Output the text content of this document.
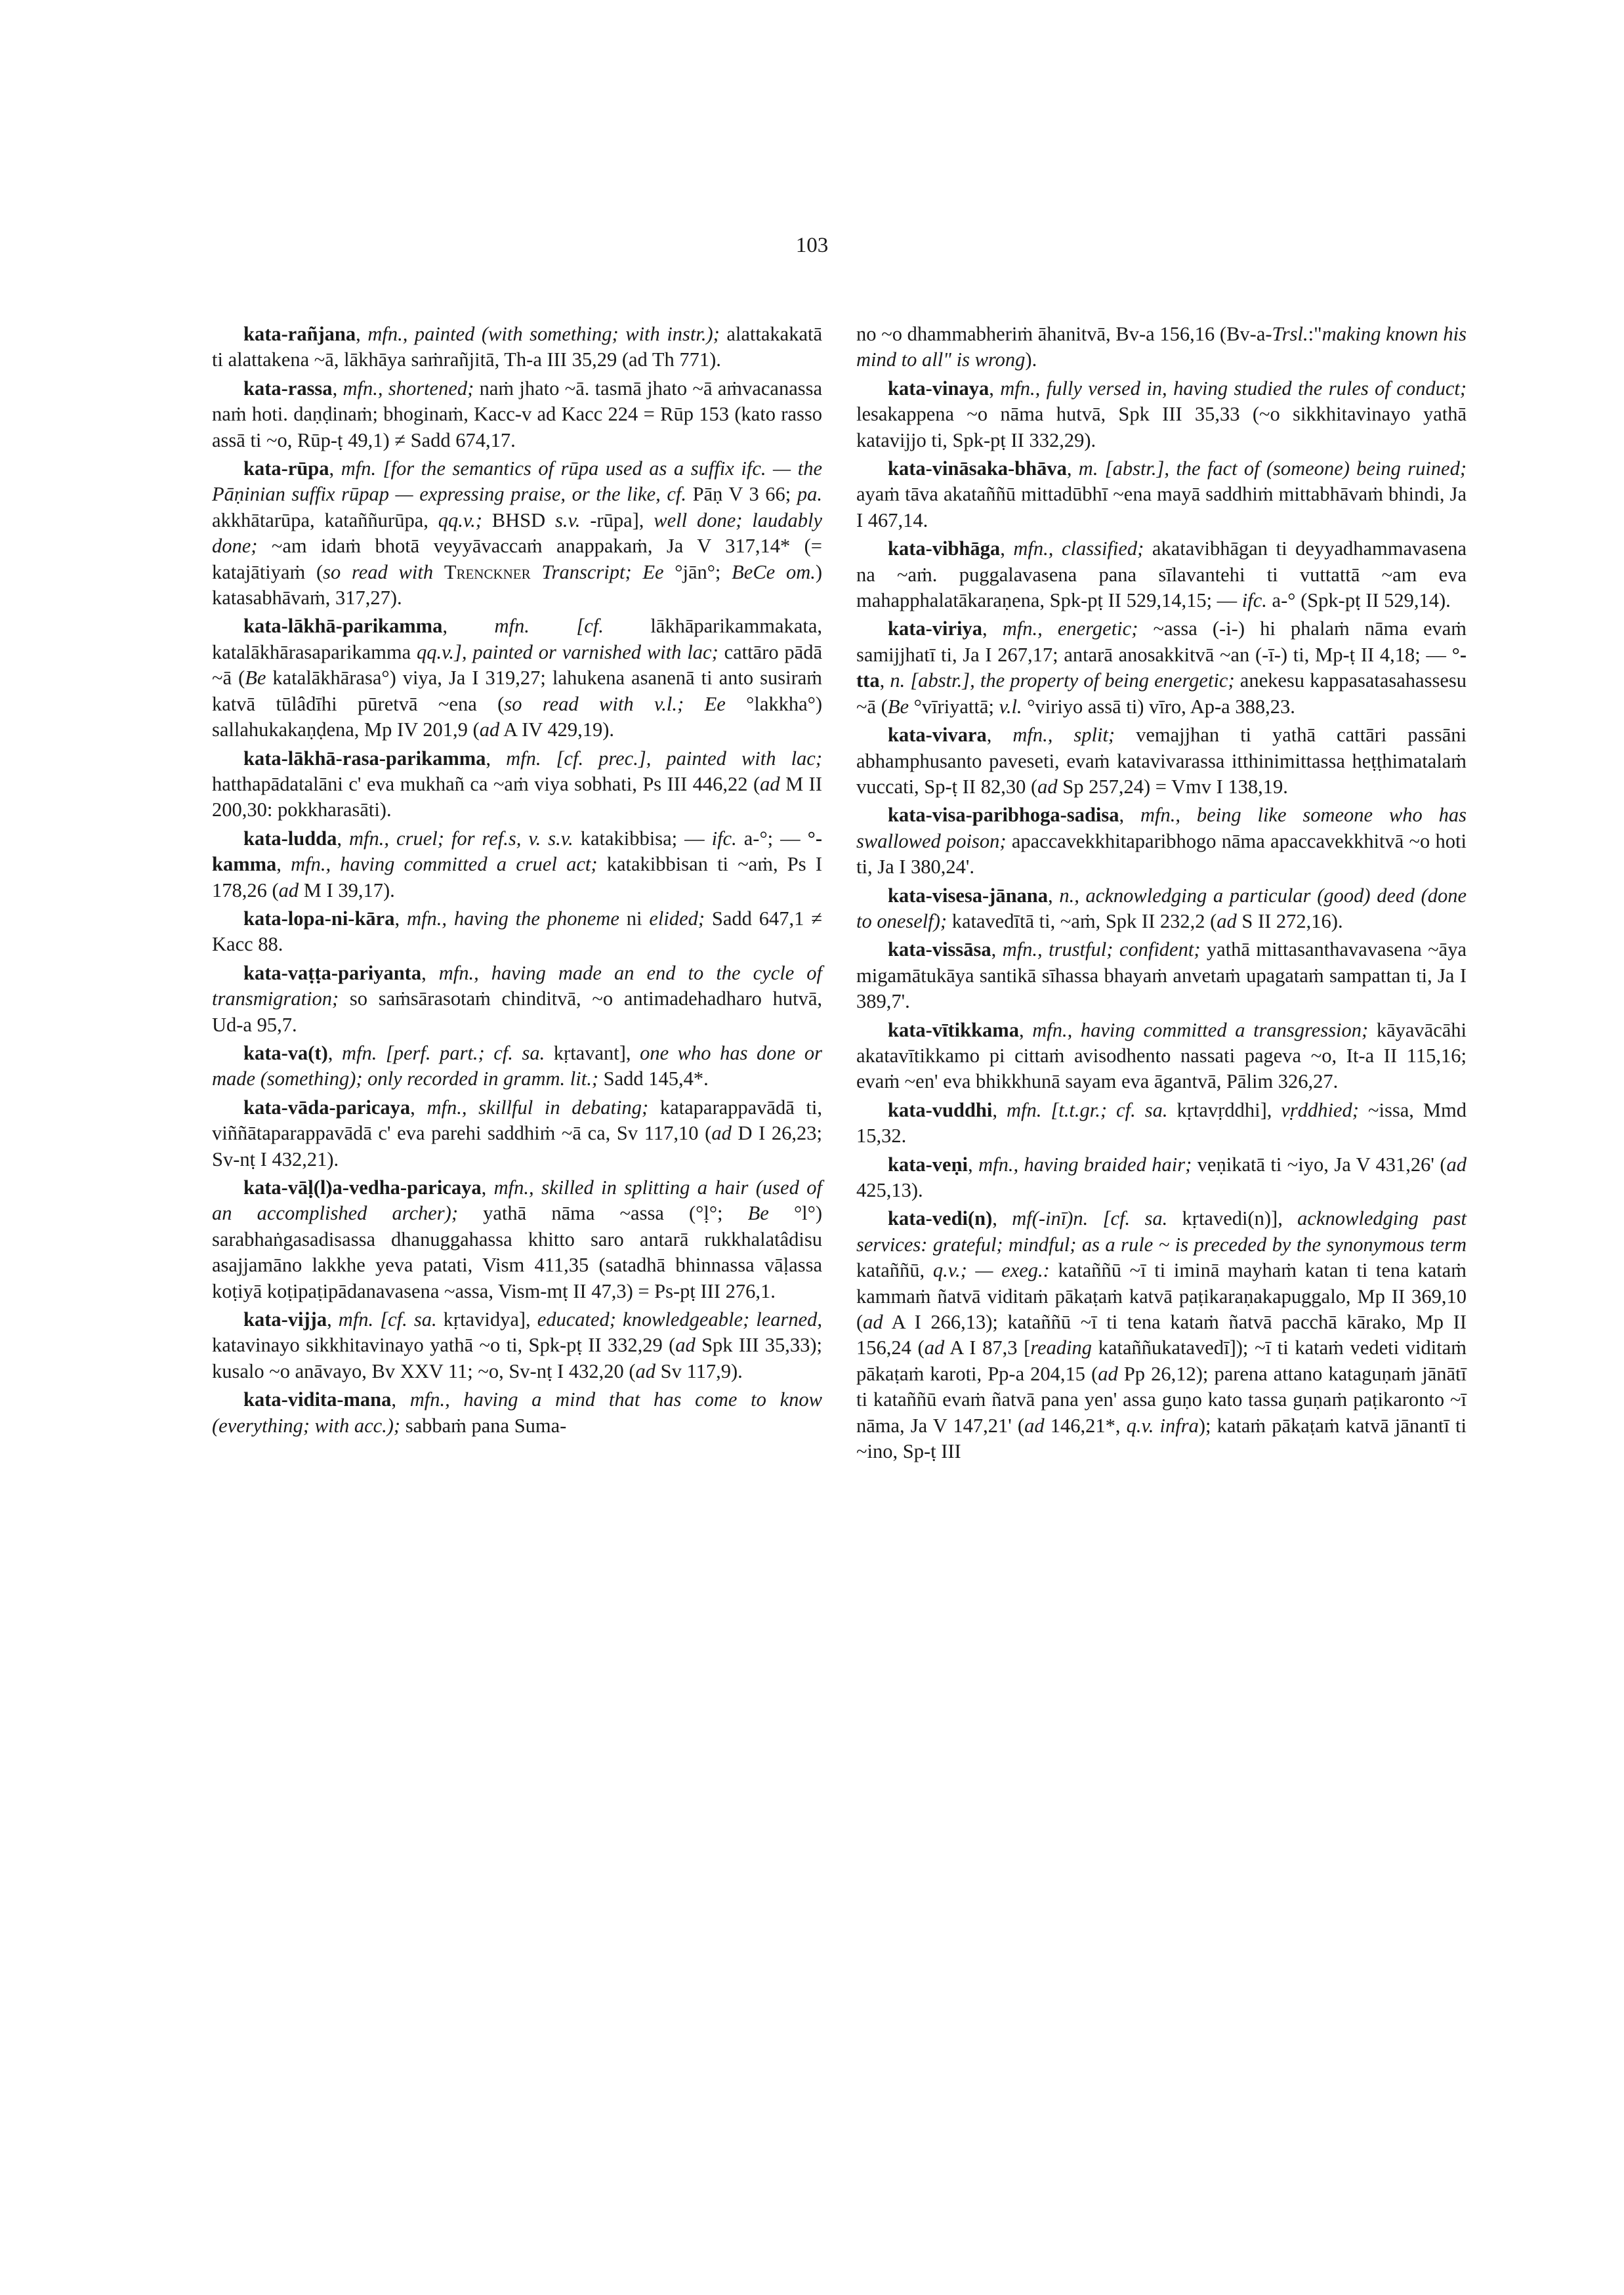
103

kata-rañjana, mfn., painted (with something; with instr.); alattakakatā ti alattakena ~ā, lākhāya saṁrañjitā, Th-a III 35,29 (ad Th 771).

kata-rassa, mfn., shortened; naṁ jhato ~ā. tasmā jhato ~ā aṁvacanassa naṁ hoti. daṇḍinaṁ; bhoginaṁ, Kacc-v ad Kacc 224 = Rūp 153 (kato rasso assā ti ~o, Rūp-ṭ 49,1) ≠ Sadd 674,17.

kata-rūpa, mfn. [for the semantics of rūpa used as a suffix ifc. — the Pāṇinian suffix rūpap — expressing praise, or the like, cf. Pāṇ V 3 66; pa. akkhātarūpa, kataññurūpa, qq.v.; BHSD s.v. -rūpa], well done; laudably done; ~am idaṁ bhotā veyyāvaccaṁ anappakaṁ, Ja V 317,14* (= katajātiyaṁ (so read with Trenckner Transcript; Ee °jān°; BeCe om.) katasabhāvaṁ, 317,27).

kata-lākhā-parikamma, mfn. [cf. lākhāparikammakata, katalākhārasaparikamma qq.v.], painted or varnished with lac; cattāro pādā ~ā (Be katalākhārasa°) viya, Ja I 319,27; lahukena asanenā ti anto susiraṁ katvā tūlâdīhi pūretvā ~ena (so read with v.l.; Ee °lakkha°) sallahukakaṇḍena, Mp IV 201,9 (ad A IV 429,19).

kata-lākhā-rasa-parikamma, mfn. [cf. prec.], painted with lac; hatthapādatalāni c' eva mukhañ ca ~aṁ viya sobhati, Ps III 446,22 (ad M II 200,30: pokkharasāti).

kata-ludda, mfn., cruel; for ref.s, v. s.v. katakibbisa; — ifc. a-°; — °-kamma, mfn., having committed a cruel act; katakibbisan ti ~aṁ, Ps I 178,26 (ad M I 39,17).

kata-lopa-ni-kāra, mfn., having the phoneme ni elided; Sadd 647,1 ≠ Kacc 88.

kata-vaṭṭa-pariyanta, mfn., having made an end to the cycle of transmigration; so saṁsārasotaṁ chinditvā, ~o antimadehadharo hutvā, Ud-a 95,7.

kata-va(t), mfn. [perf. part.; cf. sa. kṛtavant], one who has done or made (something); only recorded in gramm. lit.; Sadd 145,4*.

kata-vāda-paricaya, mfn., skillful in debating; kataparappavādā ti, viññātaparappavādā c' eva parehi saddhiṁ ~ā ca, Sv 117,10 (ad D I 26,23; Sv-nṭ I 432,21).

kata-vāḷ(l)a-vedha-paricaya, mfn., skilled in splitting a hair (used of an accomplished archer); yathā nāma ~assa (°ḷ°; Be °l°) sarabhaṅgasadisassa dhanuggahassa khitto saro antarā rukkhalatâdisu asajjamāno lakkhe yeva patati, Vism 411,35 (satadhā bhinnassa vāḷassa koṭiyā koṭipaṭipādanavasena ~assa, Vism-mṭ II 47,3) = Ps-pṭ III 276,1.

kata-vijja, mfn. [cf. sa. kṛtavidya], educated; knowledgeable; learned, katavinayo sikkhitavinayo yathā ~o ti, Spk-pṭ II 332,29 (ad Spk III 35,33); kusalo ~o anāvayo, Bv XXV 11; ~o, Sv-nṭ I 432,20 (ad Sv 117,9).

kata-vidita-mana, mfn., having a mind that has come to know (everything; with acc.); sabbaṁ pana Suma-

no ~o dhammabheriṁ āhanitvā, Bv-a 156,16 (Bv-a-Trsl.:"making known his mind to all" is wrong).

kata-vinaya, mfn., fully versed in, having studied the rules of conduct; lesakappena ~o nāma hutvā, Spk III 35,33 (~o sikkhitavinayo yathā katavijjo ti, Spk-pṭ II 332,29).

kata-vināsaka-bhāva, m. [abstr.], the fact of (someone) being ruined; ayaṁ tāva akataññū mittadūbhī ~ena mayā saddhiṁ mittabhāvaṁ bhindi, Ja I 467,14.

kata-vibhāga, mfn., classified; akatavibhāgan ti deyyadhammavasena na ~aṁ. puggalavasena pana sīlavantehi ti vuttattā ~am eva mahapphalatākaraṇena, Spk-pṭ II 529,14,15; — ifc. a-° (Spk-pṭ II 529,14).

kata-viriya, mfn., energetic; ~assa (-i-) hi phalaṁ nāma evaṁ samijjhatī ti, Ja I 267,17; antarā anosakkitvā ~an (-ī-) ti, Mp-ṭ II 4,18; — °-tta, n. [abstr.], the property of being energetic; anekesu kappasatasahassesu ~ā (Be °vīriyattā; v.l. °viriyo assā ti) vīro, Ap-a 388,23.

kata-vivara, mfn., split; vemajjhan ti yathā cattāri passāni abhamphusanto paveseti, evaṁ katavivarassa itthinimittassa heṭṭhimatalaṁ vuccati, Sp-ṭ II 82,30 (ad Sp 257,24) = Vmv I 138,19.

kata-visa-paribhoga-sadisa, mfn., being like someone who has swallowed poison; apaccavekkhitaparibhogo nāma apaccavekkhitvā ~o hoti ti, Ja I 380,24'.

kata-visesa-jānana, n., acknowledging a particular (good) deed (done to oneself); katavedītā ti, ~aṁ, Spk II 232,2 (ad S II 272,16).

kata-vissāsa, mfn., trustful; confident; yathā mittasanthavavasena ~āya migamātukāya santikā sīhassa bhayaṁ anvetaṁ upagataṁ sampattan ti, Ja I 389,7'.

kata-vītikkama, mfn., having committed a transgression; kāyavācāhi akatavītikkamo pi cittaṁ avisodhento nassati pageva ~o, It-a II 115,16; evaṁ ~en' eva bhikkhunā sayam eva āgantvā, Pālim 326,27.

kata-vuddhi, mfn. [t.t.gr.; cf. sa. kṛtavṛddhi], vṛddhied; ~issa, Mmd 15,32.

kata-veṇi, mfn., having braided hair; veṇikatā ti ~iyo, Ja V 431,26' (ad 425,13).

kata-vedi(n), mf(-inī)n. [cf. sa. kṛtavedi(n)], acknowledging past services: grateful; mindful; as a rule ~ is preceded by the synonymous term kataññū, q.v.; — exeg.: kataññū ~ī ti iminā mayhaṁ katan ti tena kataṁ kammaṁ ñatvā viditaṁ pākaṭaṁ katvā paṭikaraṇakapuggalo, Mp II 369,10 (ad A I 266,13); kataññū ~ī ti tena kataṁ ñatvā pacchā kārako, Mp II 156,24 (ad A I 87,3 [reading kataññukatavedī]); ~ī ti kataṁ vedeti viditaṁ pākaṭaṁ karoti, Pp-a 204,15 (ad Pp 26,12); parena attano kataguṇaṁ jānātī ti kataññū evaṁ ñatvā pana yen' assa guṇo kato tassa guṇaṁ paṭikaronto ~ī nāma, Ja V 147,21' (ad 146,21*, q.v. infra); kataṁ pākaṭaṁ katvā jānantī ti ~ino, Sp-ṭ III
